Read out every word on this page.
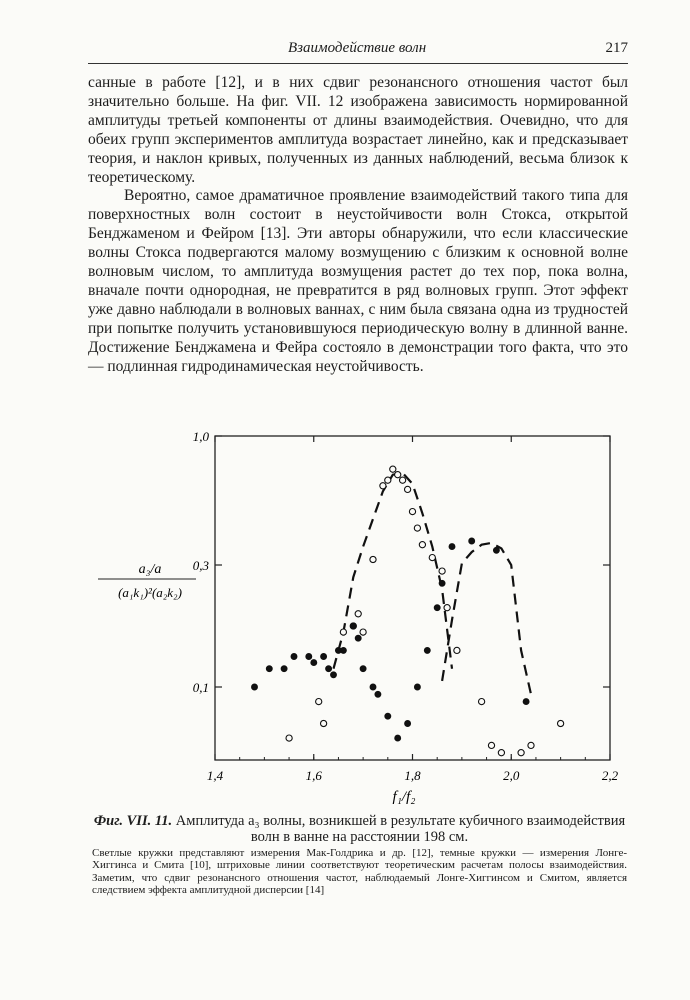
Взаимодействие волн	217

санные в работе [12], и в них сдвиг резонансного отношения частот был значительно больше. На фиг. VII. 12 изображена зависимость нормированной амплитуды третьей компоненты от длины взаимодействия. Очевидно, что для обеих групп экспериментов амплитуда возрастает линейно, как и предсказывает теория, и наклон кривых, полученных из данных наблюдений, весьма близок к теоретическому.

Вероятно, самое драматичное проявление взаимодействий такого типа для поверхностных волн состоит в неустойчивости волн Стокса, открытой Бенджаменом и Фейром [13]. Эти авторы обнаружили, что если классические волны Стокса подвергаются малому возмущению с близким к основной волне волновым числом, то амплитуда возмущения растет до тех пор, пока волна, вначале почти однородная, не превратится в ряд волновых групп. Этот эффект уже давно наблюдали в волновых ваннах, с ним была связана одна из трудностей при попытке получить установившуюся периодическую волну в длинной ванне. Достижение Бенджамена и Фейра состояло в демонстрации того факта, что это — подлинная гидродинамическая неустойчивость.

1,4	1,6	1,8	2,0	2,2
0,1
0,3
1,0
a₃/a
(a₁k₁)²(a₂k₂)
f₁/f₂
Фиг. VII. 11. Амплитуда a₃ волны, возникшей в результате кубичного взаимодействия волн в ванне на расстоянии 198 см.
Светлые кружки представляют измерения Мак-Голдрика и др. [12], темные кружки — измерения Лонге-Хиггинса и Смита [10], штриховые линии соответствуют теоретическим расчетам полосы взаимодействия. Заметим, что сдвиг резонансного отношения частот, наблюдаемый Лонге-Хиггинсом и Смитом, является следствием эффекта амплитудной дисперсии [14]
